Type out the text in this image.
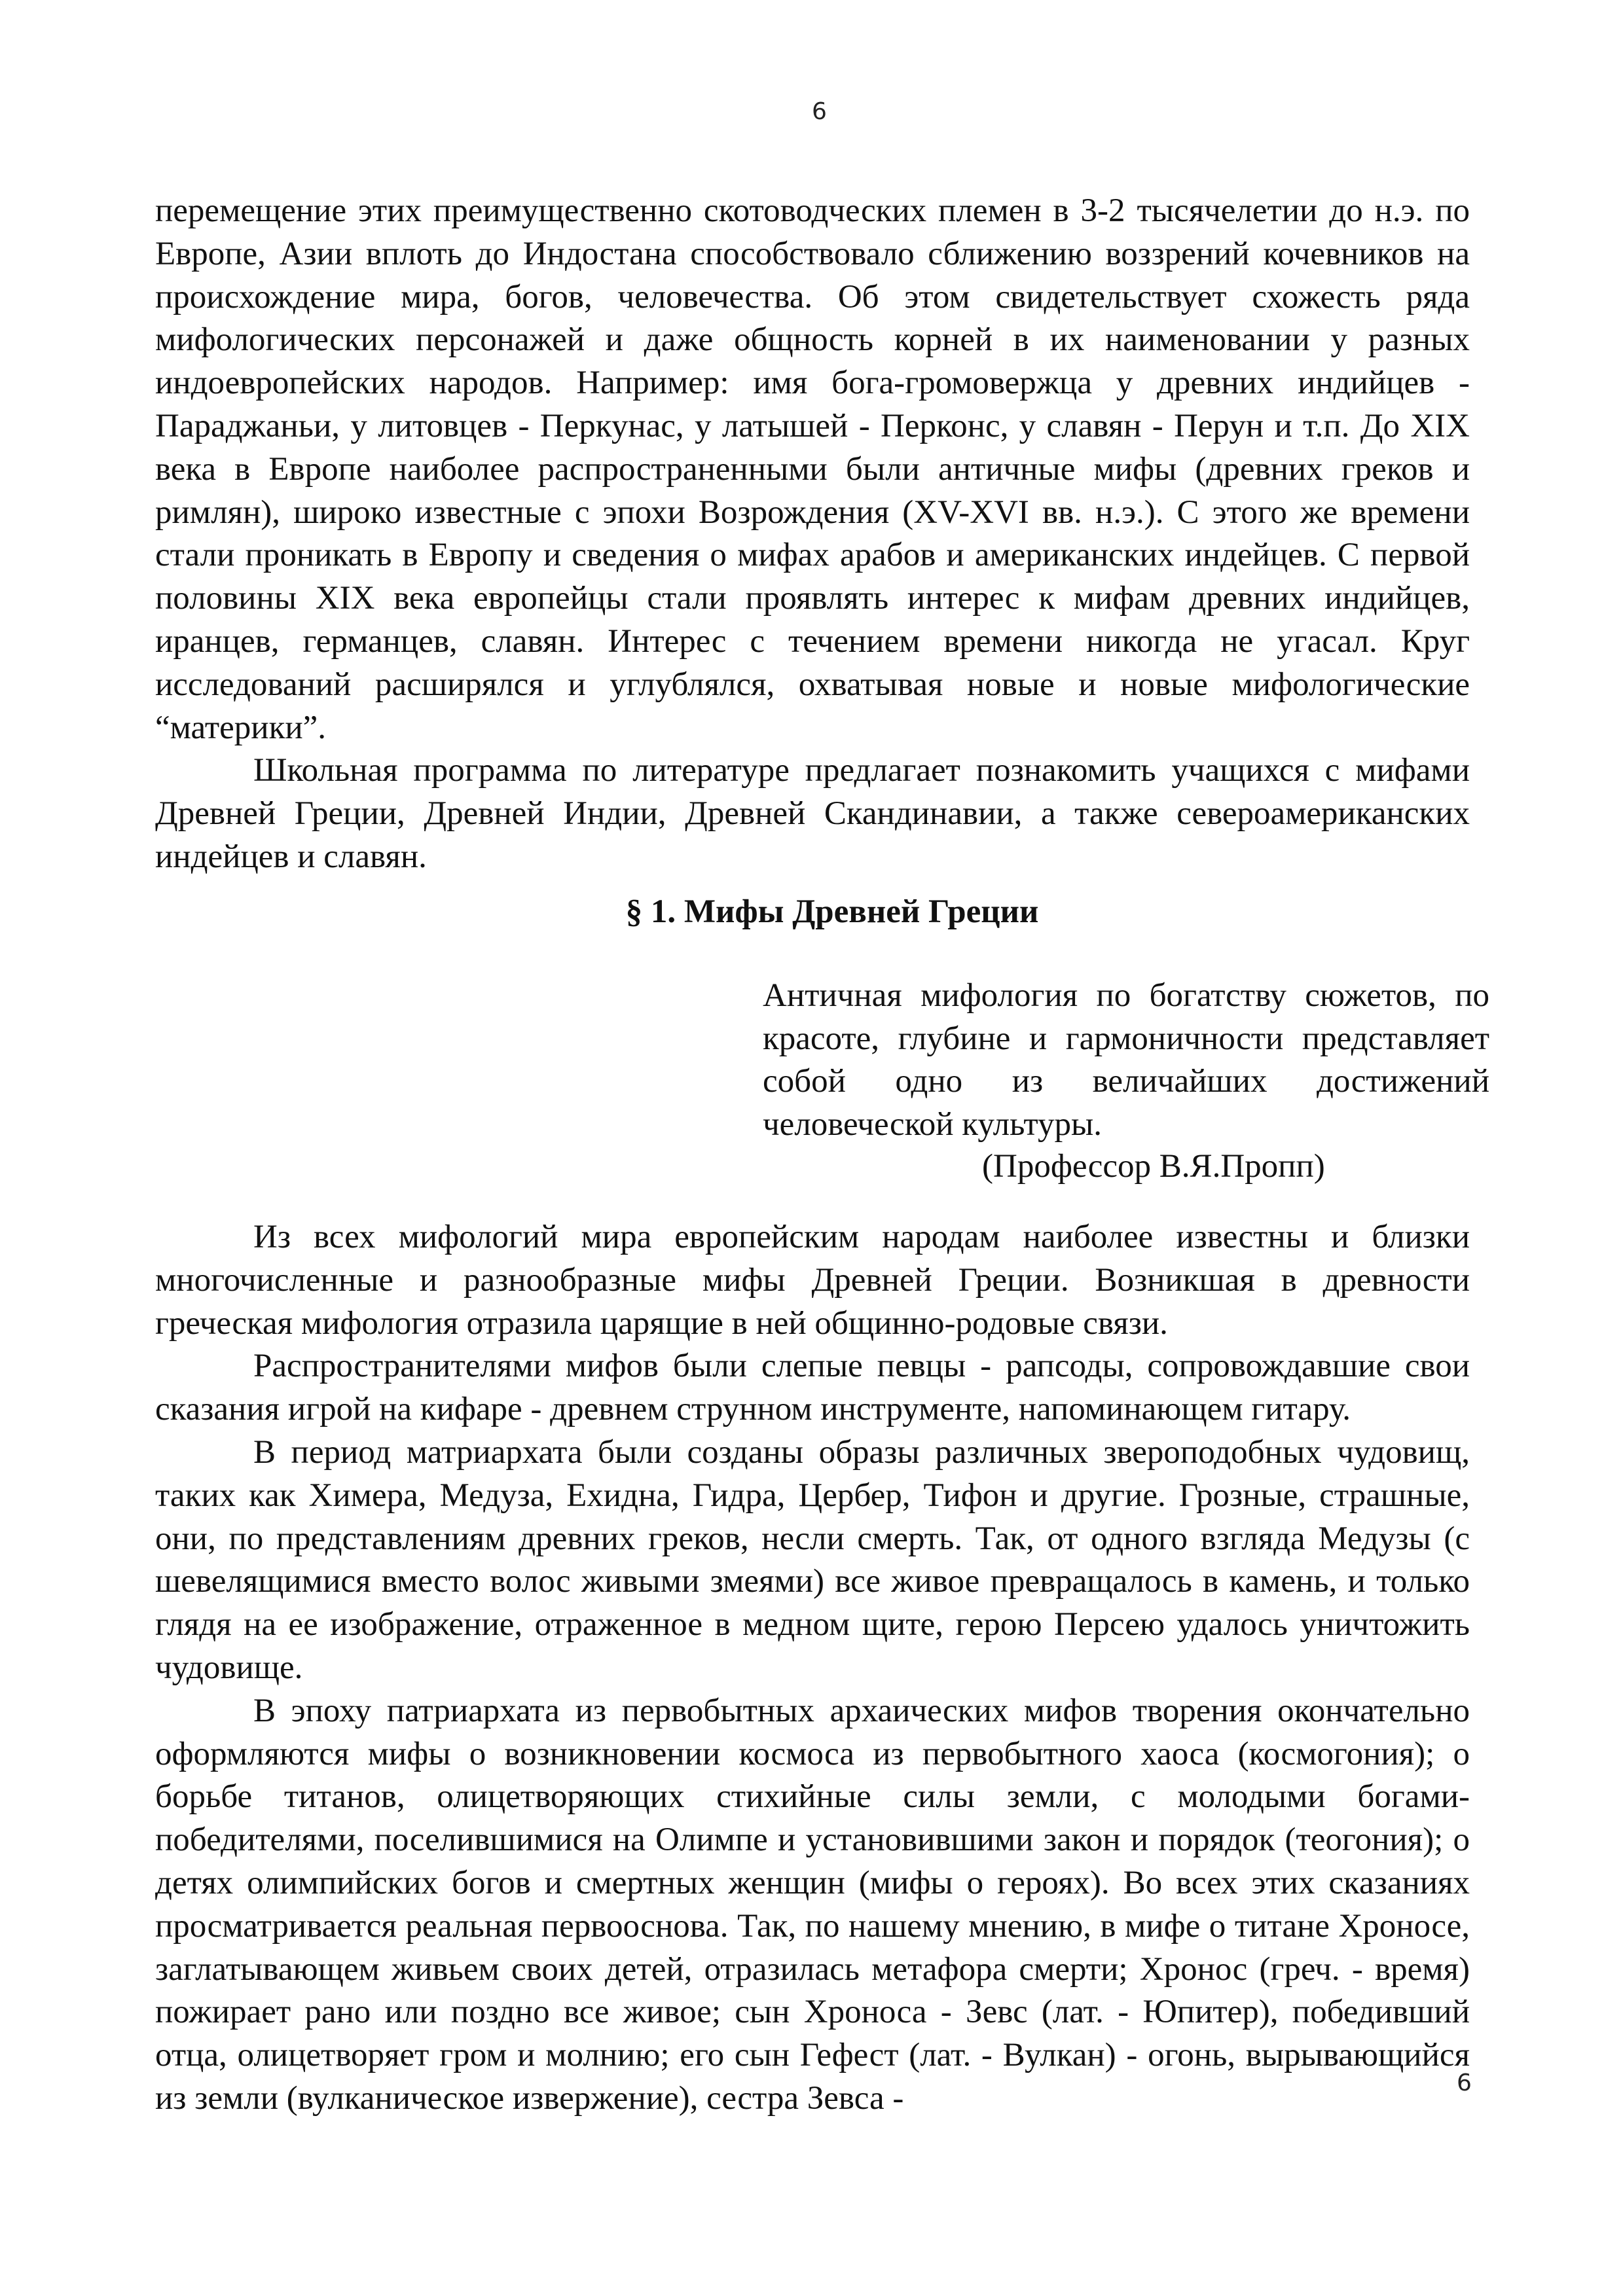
6

перемещение этих преимущественно скотоводческих племен в 3-2 тысячелетии до н.э. по Европе, Азии вплоть до Индостана способствовало сближению воззрений кочевников на происхождение мира, богов, человечества. Об этом свидетельствует схожесть ряда мифологических персонажей и даже общность корней в их наименовании у разных индоевропейских народов. Например: имя бога-громовержца у древних индийцев - Параджаньи, у литовцев - Перкунас, у латышей - Перконс, у славян - Перун и т.п. До XIX века в Европе наиболее распространенными были античные мифы (древних греков и римлян), широко известные с эпохи Возрождения (XV-XVI вв. н.э.). С этого же времени стали проникать в Европу и сведения о мифах арабов и американских индейцев. С первой половины XIX века европейцы стали проявлять интерес к мифам древних индийцев, иранцев, германцев, славян. Интерес с течением времени никогда не угасал. Круг исследований расширялся и углублялся, охватывая новые и новые мифологические “материки”.

Школьная программа по литературе предлагает познакомить учащихся с мифами Древней Греции, Древней Индии, Древней Скандинавии, а также североамериканских индейцев и славян.

§ 1. Мифы Древней Греции
Античная мифология по богатству сюжетов, по красоте, глубине и гармоничности представляет собой одно из величайших достижений человеческой культуры.
(Профессор В.Я.Пропп)

Из всех мифологий мира европейским народам наиболее известны и близки многочисленные и разнообразные мифы Древней Греции. Возникшая в древности греческая мифология отразила царящие в ней общинно-родовые связи.

Распространителями мифов были слепые певцы - рапсоды, сопровождавшие свои сказания игрой на кифаре - древнем струнном инструменте, напоминающем гитару.

В период матриархата были созданы образы различных звероподобных чудовищ, таких как Химера, Медуза, Ехидна, Гидра, Цербер, Тифон и другие. Грозные, страшные, они, по представлениям древних греков, несли смерть. Так, от одного взгляда Медузы (с шевелящимися вместо волос живыми змеями) все живое превращалось в камень, и только глядя на ее изображение, отраженное в медном щите, герою Персею удалось уничтожить чудовище.

В эпоху патриархата из первобытных архаических мифов творения окончательно оформляются мифы о возникновении космоса из первобытного хаоса (космогония); о борьбе титанов, олицетворяющих стихийные силы земли, с молодыми богами-победителями, поселившимися на Олимпе и установившими закон и порядок (теогония); о детях олимпийских богов и смертных женщин (мифы о героях). Во всех этих сказаниях просматривается реальная первооснова. Так, по нашему мнению, в мифе о титане Хроносе, заглатывающем живьем своих детей, отразилась метафора смерти; Хронос (греч. - время) пожирает рано или поздно все живое; сын Хроноса - Зевс (лат. - Юпитер), победивший отца, олицетворяет гром и молнию; его сын Гефест (лат. - Вулкан) - огонь, вырывающийся из земли (вулканическое извержение), сестра Зевса -	6
